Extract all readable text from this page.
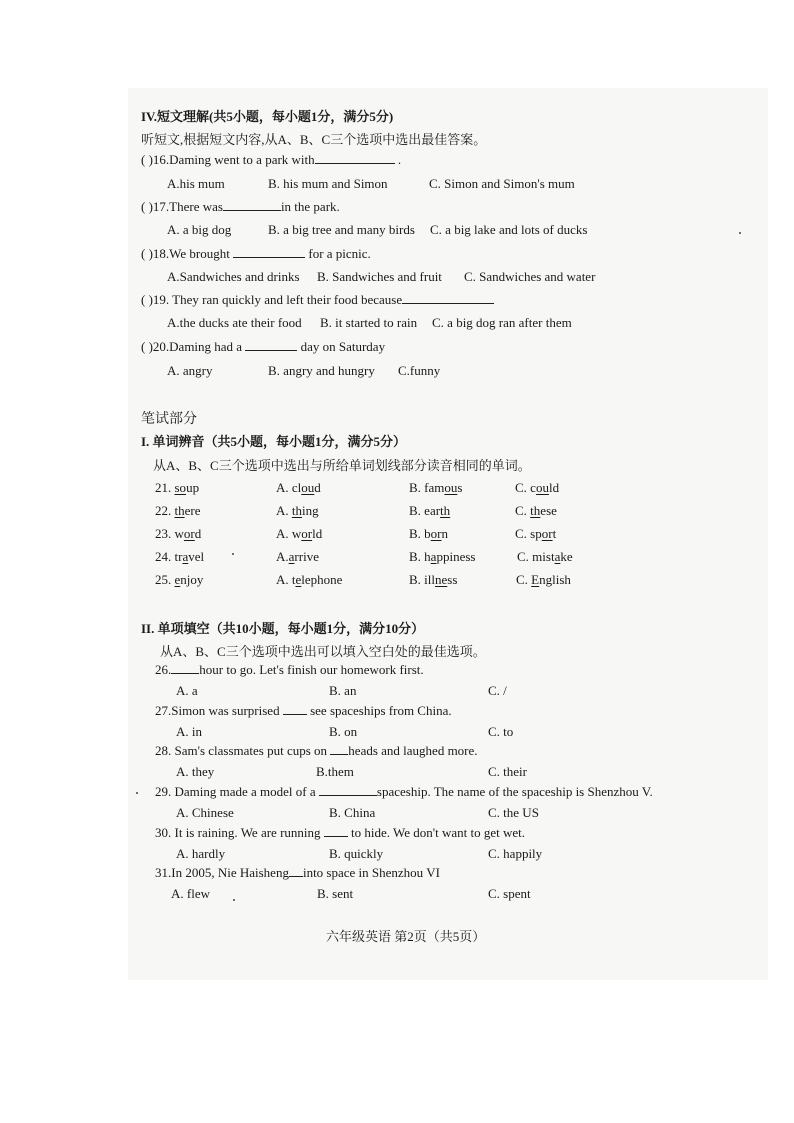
IV.短文理解(共5小题，每小题1分，满分5分)
听短文,根据短文内容,从A、B、C三个选项中选出最佳答案。
( )16.Daming went to a park with	.
A.his mum	B. his mum and Simon	C. Simon and Simon's mum
( )17.There was	in the park.
A. a big dog	B. a big tree and many birds C. a big lake and lots of ducks
( )18.We brought	for a picnic.
A.Sandwiches and drinks B. Sandwiches and fruit C. Sandwiches and water
( )19. They ran quickly and left their food because
A.the ducks ate their food B. it started to rain C. a big dog ran after them
( )20.Daming had a	day on Saturday
A. angry	B. angry and hungry C.funny
笔试部分
I. 单词辨音（共5小题，每小题1分，满分5分）
从A、B、C三个选项中选出与所给单词划线部分读音相同的单词。
21. soup	A. cloud	B. famous	C. could
22. there	A. thing	B. earth	C. these
23. word	A. world	B. born	C. sport
24. travel	A.arrive	B. happiness	C. mistake
25. enjoy	A. telephone	B. illness	C. English
II. 单项填空（共10小题，每小题1分，满分10分）
从A、B、C三个选项中选出可以填入空白处的最佳选项。
26. hour to go. Let's finish our homework first.
A. a	B. an	C. /
27.Simon was surprised see spaceships from China.
A. in	B. on	C. to
28. Sam's classmates put cups on heads and laughed more.
A. they	B.them	C. their
29. Daming made a model of a	spaceship. The name of the spaceship is Shenzhou V.
A. Chinese	B. China	C. the US
30. It is raining. We are running to hide. We don't want to get wet.
A. hardly	B. quickly	C. happily
31.In 2005, Nie Haisheng into space in Shenzhou VI
A. flew	B. sent	C. spent
六年级英语 第2页（共5页）
